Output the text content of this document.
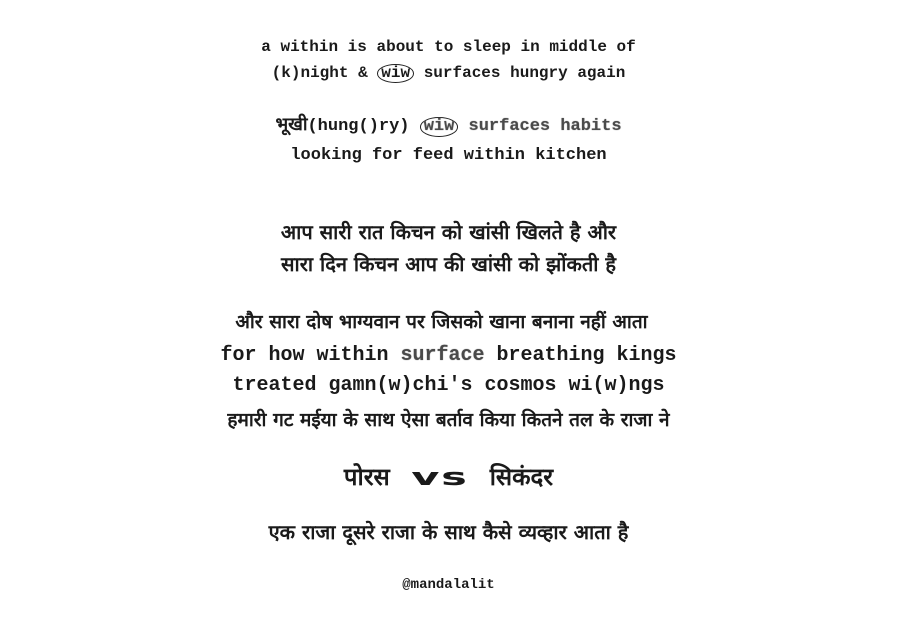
a within is about to sleep in middle of
(k)night & wiw surfaces hungry again
भूखी(hung()ry) wiw surfaces habits
looking for feed within kitchen
आप सारी रात किचन को खांसी खिलते है और
सारा दिन किचन आप की खांसी को झोंकती है
और सारा दोष भाग्यवान पर जिसको खाना बनाना नहीं आता
for how within surface breathing kings
treated gamn(w)chi's cosmos wi(w)ngs
हमारी गट मईया के साथ ऐसा बर्ताव किया कितने तल के राजा ने
पोरस vs सिकंदर
एक राजा दूसरे राजा के साथ कैसे व्यव्हार आता है
@mandalalit
